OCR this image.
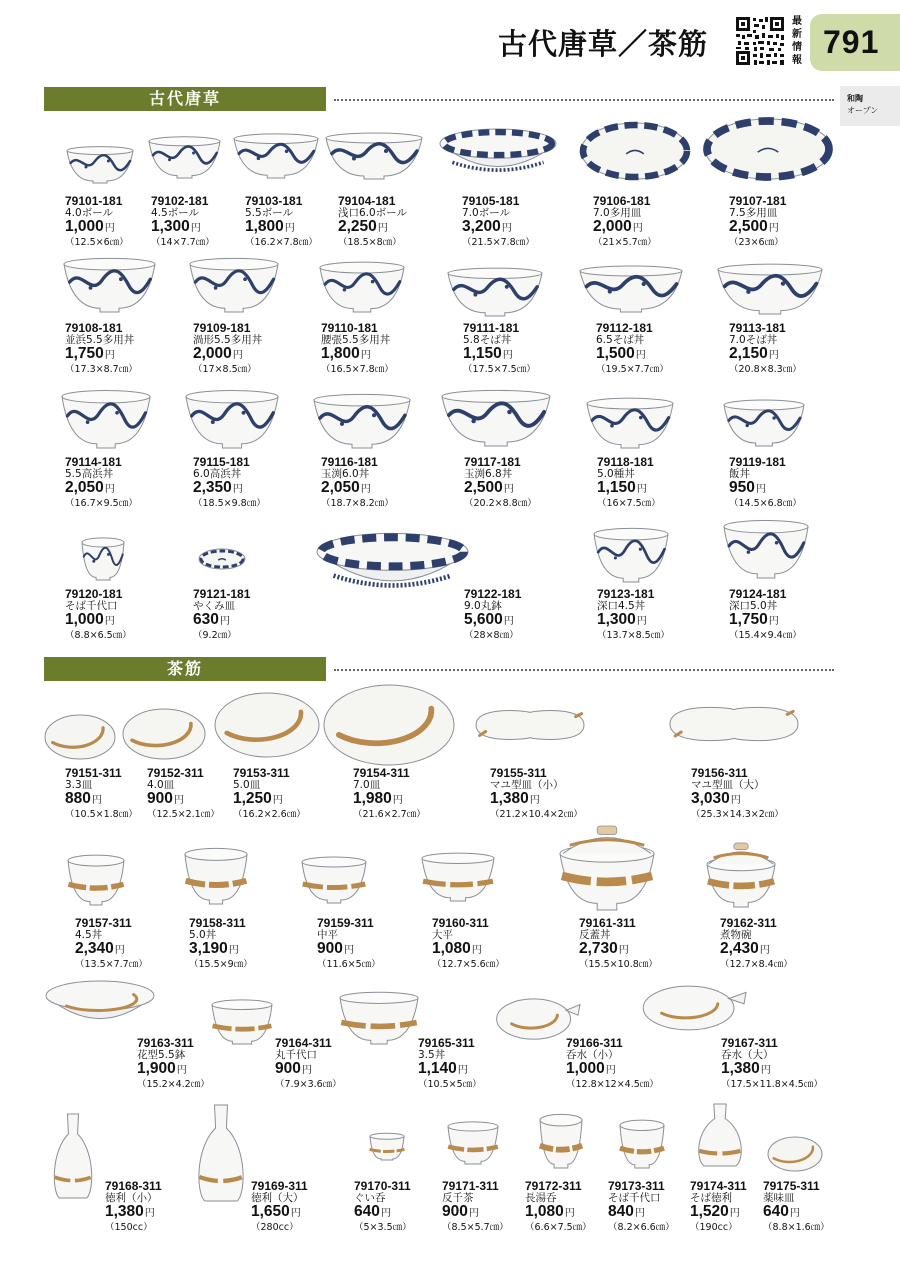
古代唐草／茶筋
最新情報
791
和陶
オープン
古代唐草
茶筋
79101-181
4.0ボール
1,000円
（12.5×6㎝）
79102-181
4.5ボール
1,300円
（14×7.7㎝）
79103-181
5.5ボール
1,800円
（16.2×7.8㎝）
79104-181
浅口6.0ボール
2,250円
（18.5×8㎝）
79105-181
7.0ボール
3,200円
（21.5×7.8㎝）
79106-181
7.0多用皿
2,000円
（21×5.7㎝）
79107-181
7.5多用皿
2,500円
（23×6㎝）
79108-181
並浜5.5多用丼
1,750円
（17.3×8.7㎝）
79109-181
渦形5.5多用丼
2,000円
（17×8.5㎝）
79110-181
腰張5.5多用丼
1,800円
（16.5×7.8㎝）
79111-181
5.8そば丼
1,150円
（17.5×7.5㎝）
79112-181
6.5そば丼
1,500円
（19.5×7.7㎝）
79113-181
7.0そば丼
2,150円
（20.8×8.3㎝）
79114-181
5.5高浜丼
2,050円
（16.7×9.5㎝）
79115-181
6.0高浜丼
2,350円
（18.5×9.8㎝）
79116-181
玉渕6.0丼
2,050円
（18.7×8.2㎝）
79117-181
玉渕6.8丼
2,500円
（20.2×8.8㎝）
79118-181
5.0種丼
1,150円
（16×7.5㎝）
79119-181
飯丼
950円
（14.5×6.8㎝）
79120-181
そば千代口
1,000円
（8.8×6.5㎝）
79121-181
やくみ皿
630円
（9.2㎝）
79122-181
9.0丸鉢
5,600円
（28×8㎝）
79123-181
深口4.5丼
1,300円
（13.7×8.5㎝）
79124-181
深口5.0丼
1,750円
（15.4×9.4㎝）
79151-311
3.3皿
880円
（10.5×1.8㎝）
79152-311
4.0皿
900円
（12.5×2.1㎝）
79153-311
5.0皿
1,250円
（16.2×2.6㎝）
79154-311
7.0皿
1,980円
（21.6×2.7㎝）
79155-311
マユ型皿（小）
1,380円
（21.2×10.4×2㎝）
79156-311
マユ型皿（大）
3,030円
（25.3×14.3×2㎝）
79157-311
4.5丼
2,340円
（13.5×7.7㎝）
79158-311
5.0丼
3,190円
（15.5×9㎝）
79159-311
中平
900円
（11.6×5㎝）
79160-311
大平
1,080円
（12.7×5.6㎝）
79161-311
反蓋丼
2,730円
（15.5×10.8㎝）
79162-311
煮物碗
2,430円
（12.7×8.4㎝）
79163-311
花型5.5鉢
1,900円
（15.2×4.2㎝）
79164-311
丸千代口
900円
（7.9×3.6㎝）
79165-311
3.5丼
1,140円
（10.5×5㎝）
79166-311
呑水（小）
1,000円
（12.8×12×4.5㎝）
79167-311
呑水（大）
1,380円
（17.5×11.8×4.5㎝）
79168-311
徳利（小）
1,380円
（150cc）
79169-311
徳利（大）
1,650円
（280cc）
79170-311
ぐい呑
640円
（5×3.5㎝）
79171-311
反千茶
900円
（8.5×5.7㎝）
79172-311
長湯呑
1,080円
（6.6×7.5㎝）
79173-311
そば千代口
840円
（8.2×6.6㎝）
79174-311
そば徳利
1,520円
（190cc）
79175-311
薬味皿
640円
（8.8×1.6㎝）
